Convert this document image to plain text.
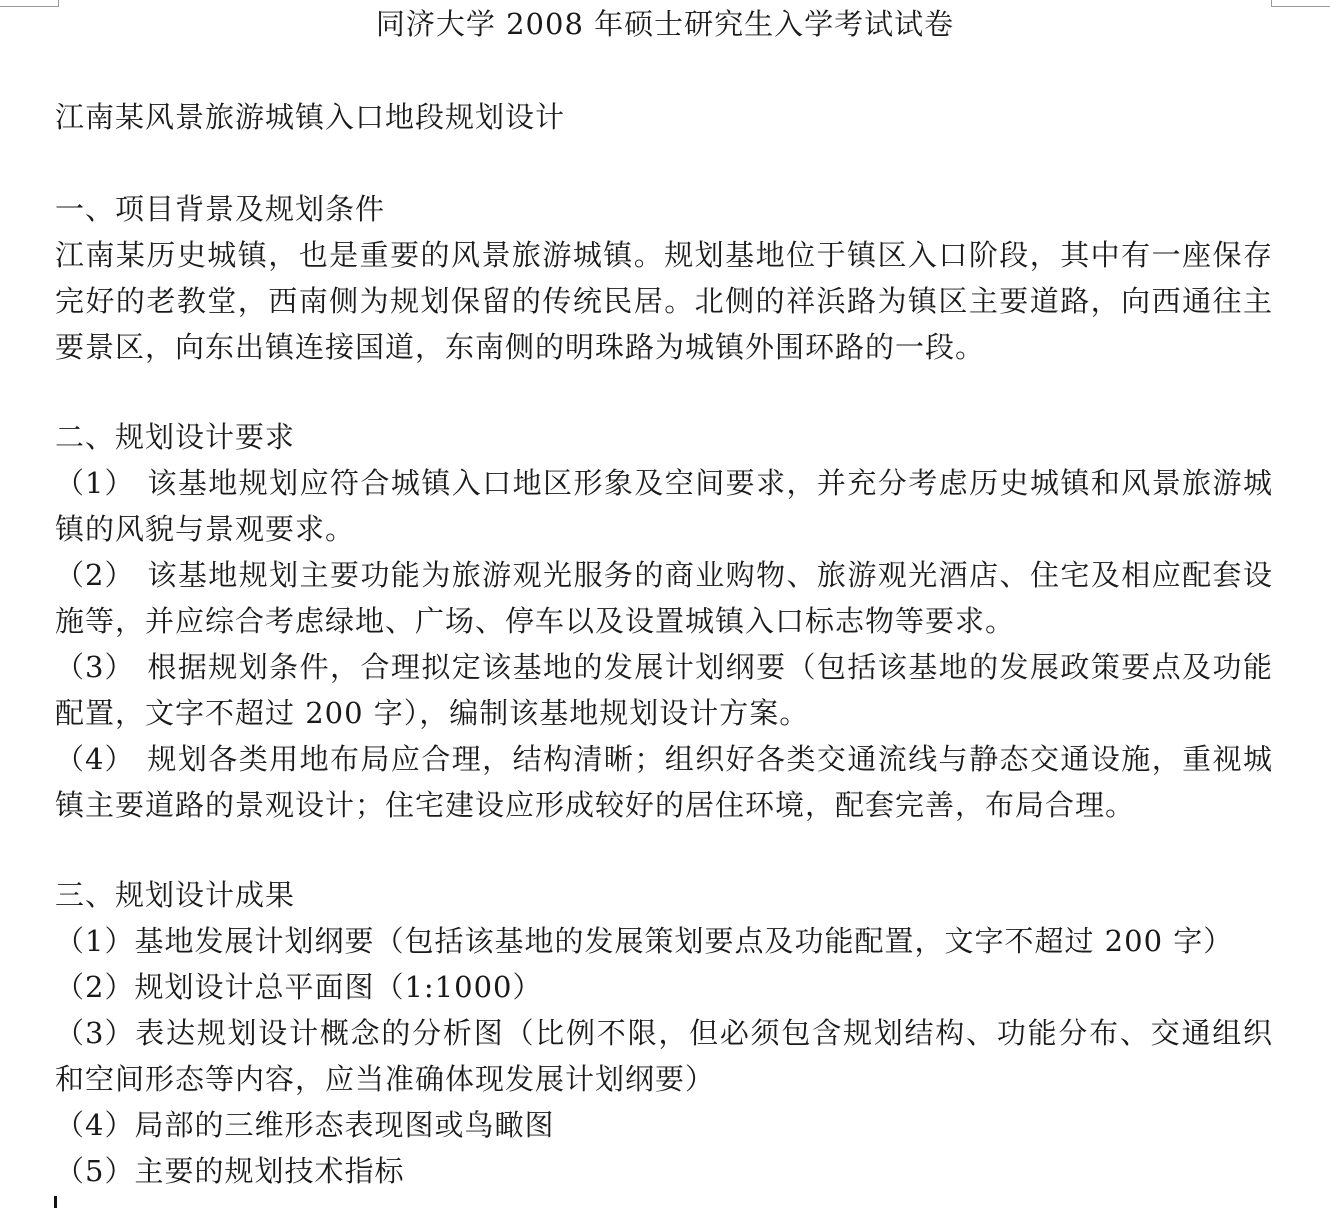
同济大学 2008 年硕士研究生入学考试试卷
江南某风景旅游城镇入口地段规划设计
一、项目背景及规划条件

江南某历史城镇，也是重要的风景旅游城镇。规划基地位于镇区入口阶段，其中有一座保存完好的老教堂，西南侧为规划保留的传统民居。北侧的祥浜路为镇区主要道路，向西通往主要景区，向东出镇连接国道，东南侧的明珠路为城镇外围环路的一段。

二、规划设计要求

（1） 该基地规划应符合城镇入口地区形象及空间要求，并充分考虑历史城镇和风景旅游城镇的风貌与景观要求。

（2） 该基地规划主要功能为旅游观光服务的商业购物、旅游观光酒店、住宅及相应配套设施等，并应综合考虑绿地、广场、停车以及设置城镇入口标志物等要求。

（3） 根据规划条件，合理拟定该基地的发展计划纲要（包括该基地的发展政策要点及功能配置，文字不超过 200 字），编制该基地规划设计方案。

（4） 规划各类用地布局应合理，结构清晰；组织好各类交通流线与静态交通设施，重视城镇主要道路的景观设计；住宅建设应形成较好的居住环境，配套完善，布局合理。

三、规划设计成果

（1）基地发展计划纲要（包括该基地的发展策划要点及功能配置，文字不超过 200 字）

（2）规划设计总平面图（1:1000）

（3）表达规划设计概念的分析图（比例不限，但必须包含规划结构、功能分布、交通组织和空间形态等内容，应当准确体现发展计划纲要）

（4）局部的三维形态表现图或鸟瞰图

（5）主要的规划技术指标
